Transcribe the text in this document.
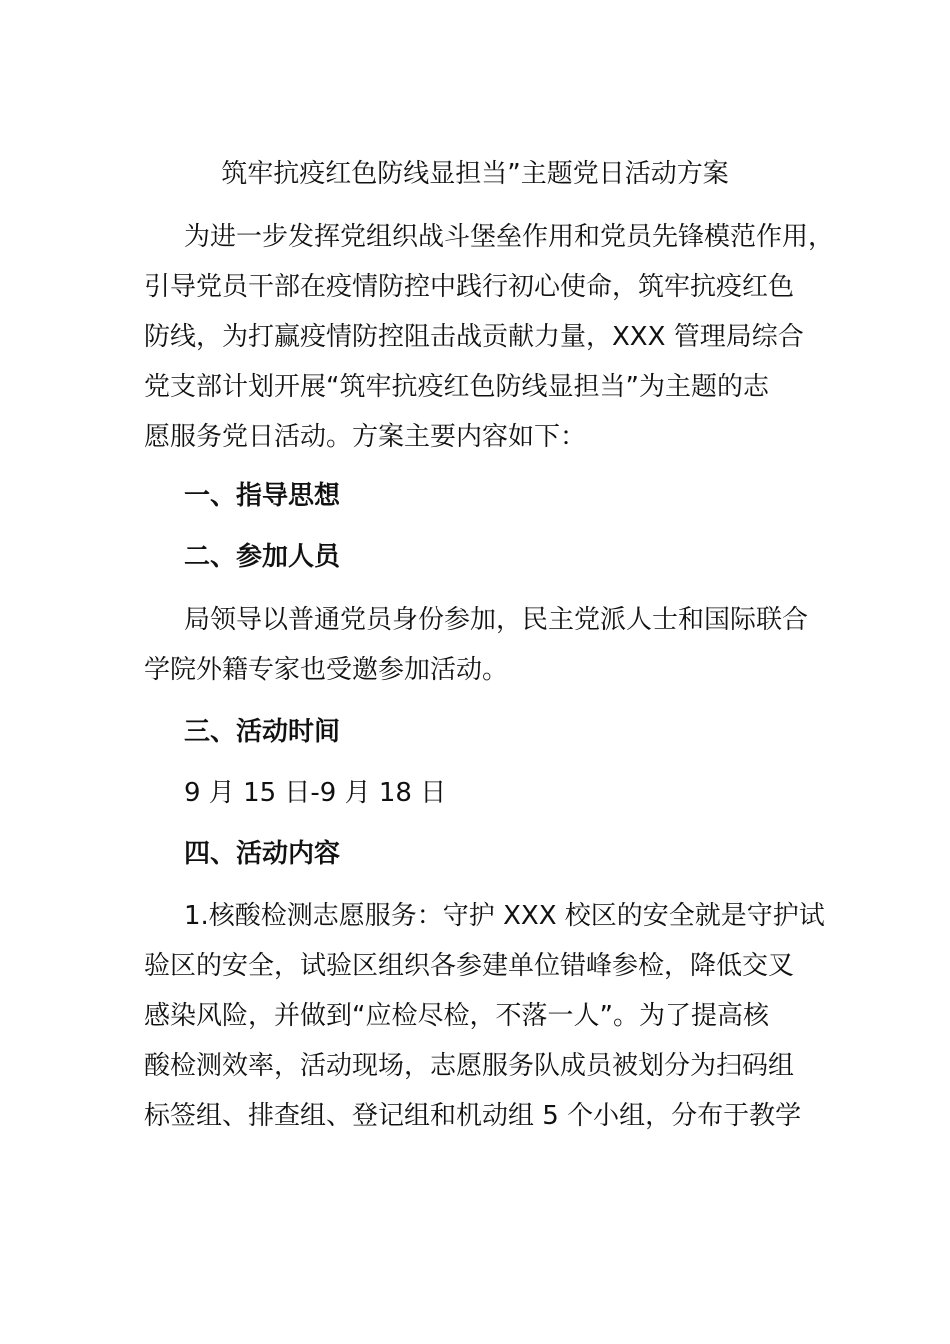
筑牢抗疫红色防线显担当”主题党日活动方案
为进一步发挥党组织战斗堡垒作用和党员先锋模范作用，
引导党员干部在疫情防控中践行初心使命，筑牢抗疫红色
防线，为打赢疫情防控阻击战贡献力量，XXX 管理局综合
党支部计划开展“筑牢抗疫红色防线显担当”为主题的志
愿服务党日活动。方案主要内容如下：
一、指导思想
二、参加人员
局领导以普通党员身份参加，民主党派人士和国际联合
学院外籍专家也受邀参加活动。
三、活动时间
9 月 15 日-9 月 18 日
四、活动内容
1.核酸检测志愿服务：守护 XXX 校区的安全就是守护试
验区的安全，试验区组织各参建单位错峰参检，降低交叉
感染风险，并做到“应检尽检，不落一人”。为了提高核
酸检测效率，活动现场，志愿服务队成员被划分为扫码组
标签组、排查组、登记组和机动组 5 个小组，分布于教学
